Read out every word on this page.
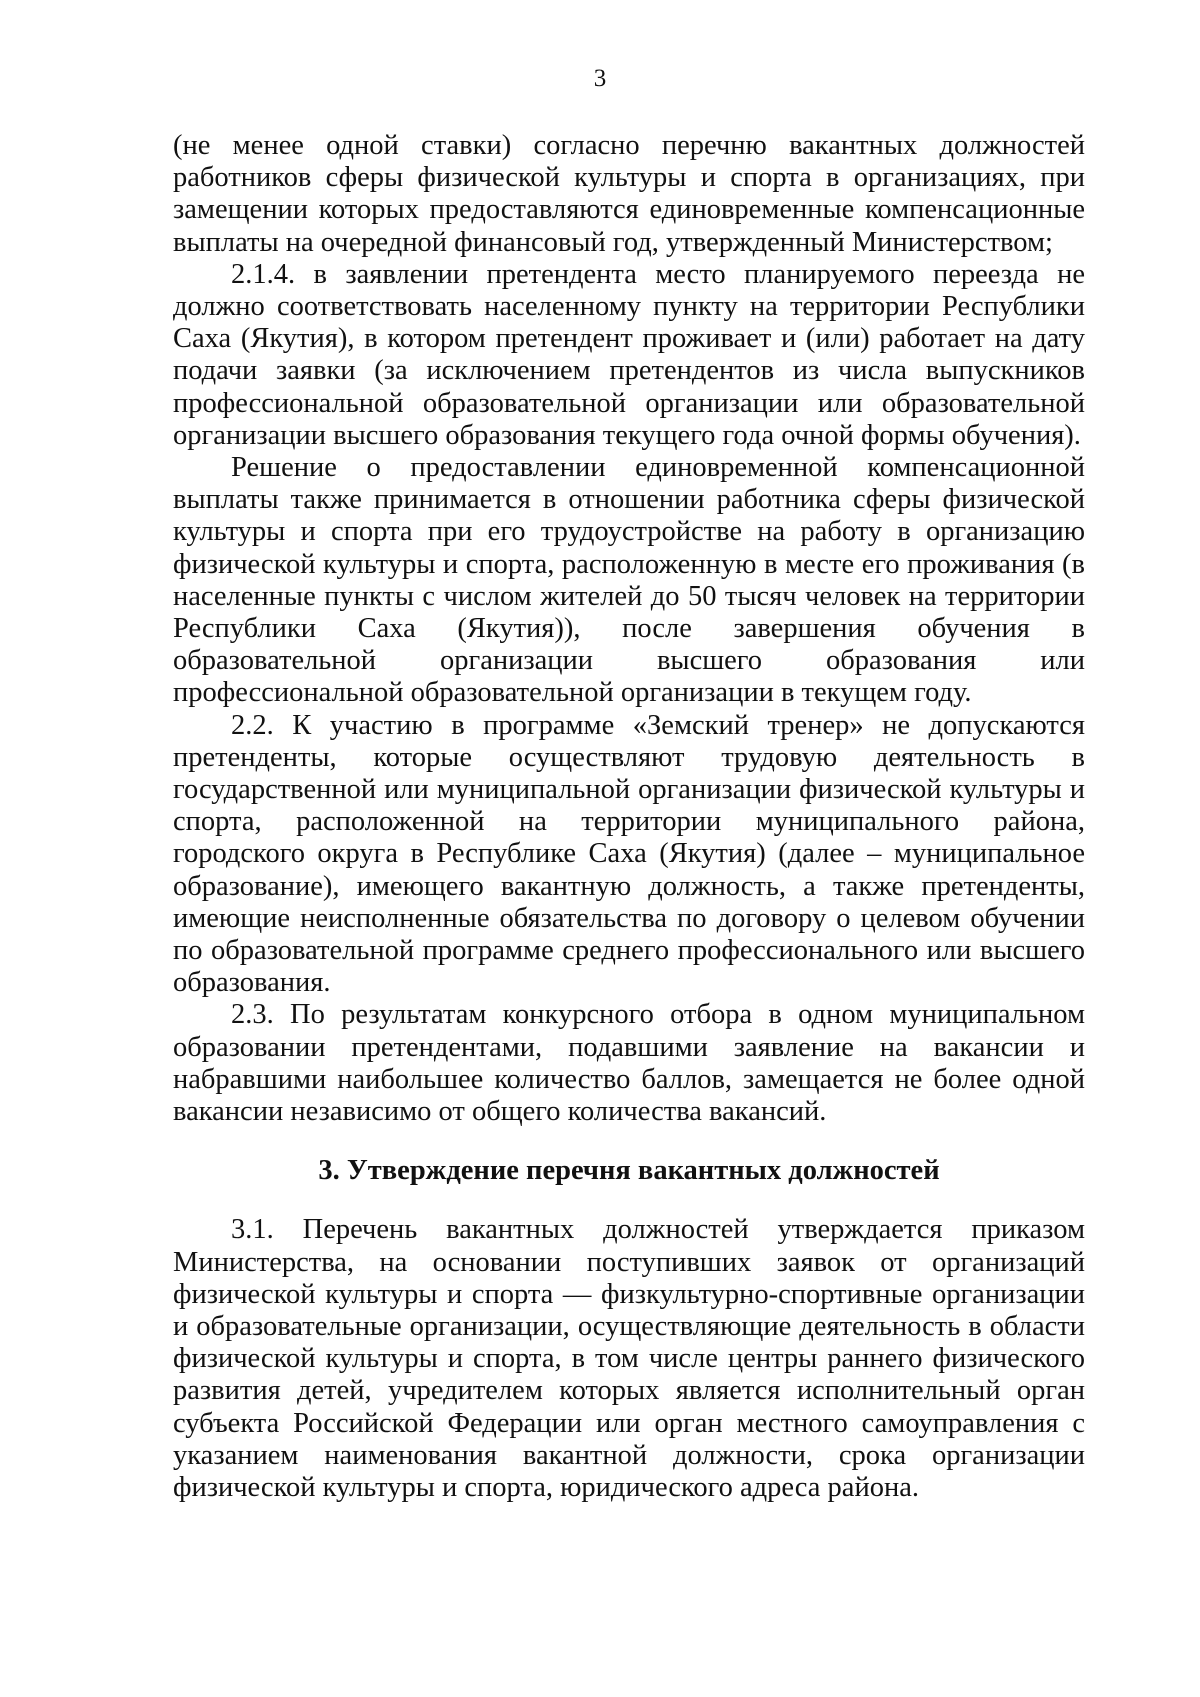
3

(не менее одной ставки) согласно перечню вакантных должностей работников сферы физической культуры и спорта в организациях, при замещении которых предоставляются единовременные компенсационные выплаты на очередной финансовый год, утвержденный Министерством;

2.1.4. в заявлении претендента место планируемого переезда не должно соответствовать населенному пункту на территории Республики Саха (Якутия), в котором претендент проживает и (или) работает на дату подачи заявки (за исключением претендентов из числа выпускников профессиональной образовательной организации или образовательной организации высшего образования текущего года очной формы обучения).

Решение о предоставлении единовременной компенсационной выплаты также принимается в отношении работника сферы физической культуры и спорта при его трудоустройстве на работу в организацию физической культуры и спорта, расположенную в месте его проживания (в населенные пункты с числом жителей до 50 тысяч человек на территории Республики Саха (Якутия)), после завершения обучения в образовательной организации высшего образования или профессиональной образовательной организации в текущем году.

2.2. К участию в программе «Земский тренер» не допускаются претенденты, которые осуществляют трудовую деятельность в государственной или муниципальной организации физической культуры и спорта, расположенной на территории муниципального района, городского округа в Республике Саха (Якутия) (далее – муниципальное образование), имеющего вакантную должность, а также претенденты, имеющие неисполненные обязательства по договору о целевом обучении по образовательной программе среднего профессионального или высшего образования.

2.3. По результатам конкурсного отбора в одном муниципальном образовании претендентами, подавшими заявление на вакансии и набравшими наибольшее количество баллов, замещается не более одной вакансии независимо от общего количества вакансий.

3. Утверждение перечня вакантных должностей

3.1. Перечень вакантных должностей утверждается приказом Министерства, на основании поступивших заявок от организаций физической культуры и спорта — физкультурно-спортивные организации и образовательные организации, осуществляющие деятельность в области физической культуры и спорта, в том числе центры раннего физического развития детей, учредителем которых является исполнительный орган субъекта Российской Федерации или орган местного самоуправления с указанием наименования вакантной должности, срока организации физической культуры и спорта, юридического адреса района.
